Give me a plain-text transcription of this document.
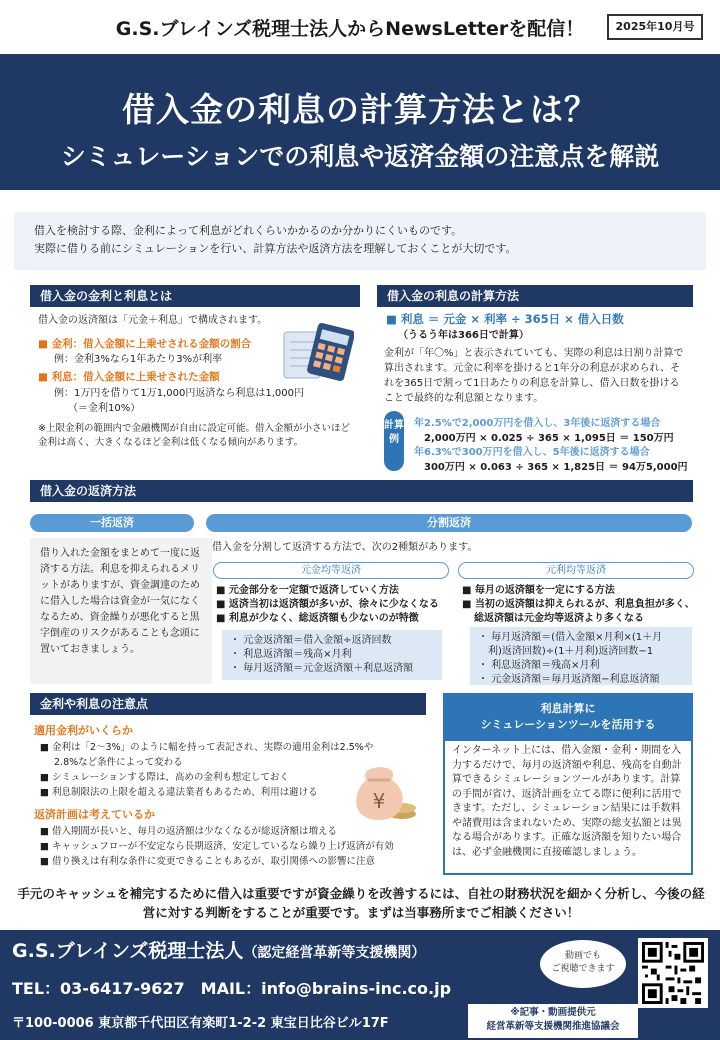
G.S.ブレインズ税理士法人からNewsLetterを配信！	2025年10月号
借入金の利息の計算方法とは？
シミュレーションでの利息や返済金額の注意点を解説
借入を検討する際、金利によって利息がどれくらいかかるのか分かりにくいものです。
実際に借りる前にシミュレーションを行い、計算方法や返済方法を理解しておくことが大切です。
借入金の金利と利息とは
借入金の返済額は「元金＋利息」で構成されます。
■ 金利：借入金額に上乗せされる金額の割合
例：金利3%なら1年あたり3%が利率
■ 利息：借入金額に上乗せされた金額
例：1万円を借りて1万1,000円返済なら利息は1,000円
（＝金利10%）
※上限金利の範囲内で金融機関が自由に設定可能。借入金額が小さいほど金利は高く、大きくなるほど金利は低くなる傾向があります。
借入金の利息の計算方法
■ 利息 ＝ 元金 × 利率 ÷ 365日 × 借入日数
（うるう年は366日で計算）
金利が「年〇%」と表示されていても、実際の利息は日割り計算で算出されます。元金に利率を掛けると1年分の利息が求められ、それを365日で割って1日あたりの利息を計算し、借入日数を掛けることで最終的な利息額となります。
計算例
年2.5%で2,000万円を借入し、3年後に返済する場合
2,000万円 × 0.025 ÷ 365 × 1,095日 ＝ 150万円
年6.3%で300万円を借入し、5年後に返済する場合
300万円 × 0.063 ÷ 365 × 1,825日 ＝ 94万5,000円
借入金の返済方法
一括返済	分割返済
借り入れた金額をまとめて一度に返済する方法。利息を抑えられるメリットがありますが、資金調達のために借入した場合は資金が一気になくなるため、資金繰りが悪化すると黒字倒産のリスクがあることも念頭に置いておきましょう。
借入金を分割して返済する方法で、次の2種類があります。
元金均等返済
■ 元金部分を一定額で返済していく方法
■ 返済当初は返済額が多いが、徐々に少なくなる
■ 利息が少なく、総返済額も少ないのが特徴
・ 元金返済額＝借入金額÷返済回数
・ 利息返済額＝残高×月利
・ 毎月返済額＝元金返済額＋利息返済額
元利均等返済
■ 毎月の返済額を一定にする方法
■ 当初の返済額は抑えられるが、利息負担が多く、
総返済額は元金均等返済より多くなる
・ 毎月返済額＝(借入金額×月利×(1＋月
利)返済回数)÷(1＋月利)返済回数−1
・ 利息返済額＝残高×月利
・ 元金返済額＝毎月返済額−利息返済額
金利や利息の注意点
適用金利がいくらか
■ 金利は「2～3%」のように幅を持って表記され、実際の適用金利は2.5%や
2.8%など条件によって変わる
■ シミュレーションする際は、高めの金利も想定しておく
■ 利息制限法の上限を超える違法業者もあるため、利用は避ける
返済計画は考えているか
■ 借入期間が長いと、毎月の返済額は少なくなるが総返済額は増える
■ キャッシュフローが不安定なら長期返済、安定しているなら繰り上げ返済が有効
■ 借り換えは有利な条件に変更できることもあるが、取引関係への影響に注意
¥
利息計算に
シミュレーションツールを活用する
インターネット上には、借入金額・金利・期間を入力するだけで、毎月の返済額や利息、残高を自動計算できるシミュレーションツールがあります。計算の手間が省け、返済計画を立てる際に便利に活用できます。ただし、シミュレーション結果には手数料や諸費用は含まれないため、実際の総支払額とは異なる場合があります。正確な返済額を知りたい場合は、必ず金融機関に直接確認しましょう。
手元のキャッシュを補完するために借入は重要ですが資金繰りを改善するには、自社の財務状況を細かく分析し、今後の経営に対する判断をすることが重要です。まずは当事務所までご相談ください！
G.S.ブレインズ税理士法人（認定経営革新等支援機関）
TEL：03-6417-9627　MAIL：info@brains-inc.co.jp
〒100-0006 東京都千代田区有楽町1-2-2 東宝日比谷ビル17F
動画でも
ご視聴できます
※記事・動画提供元
経営革新等支援機関推進協議会
